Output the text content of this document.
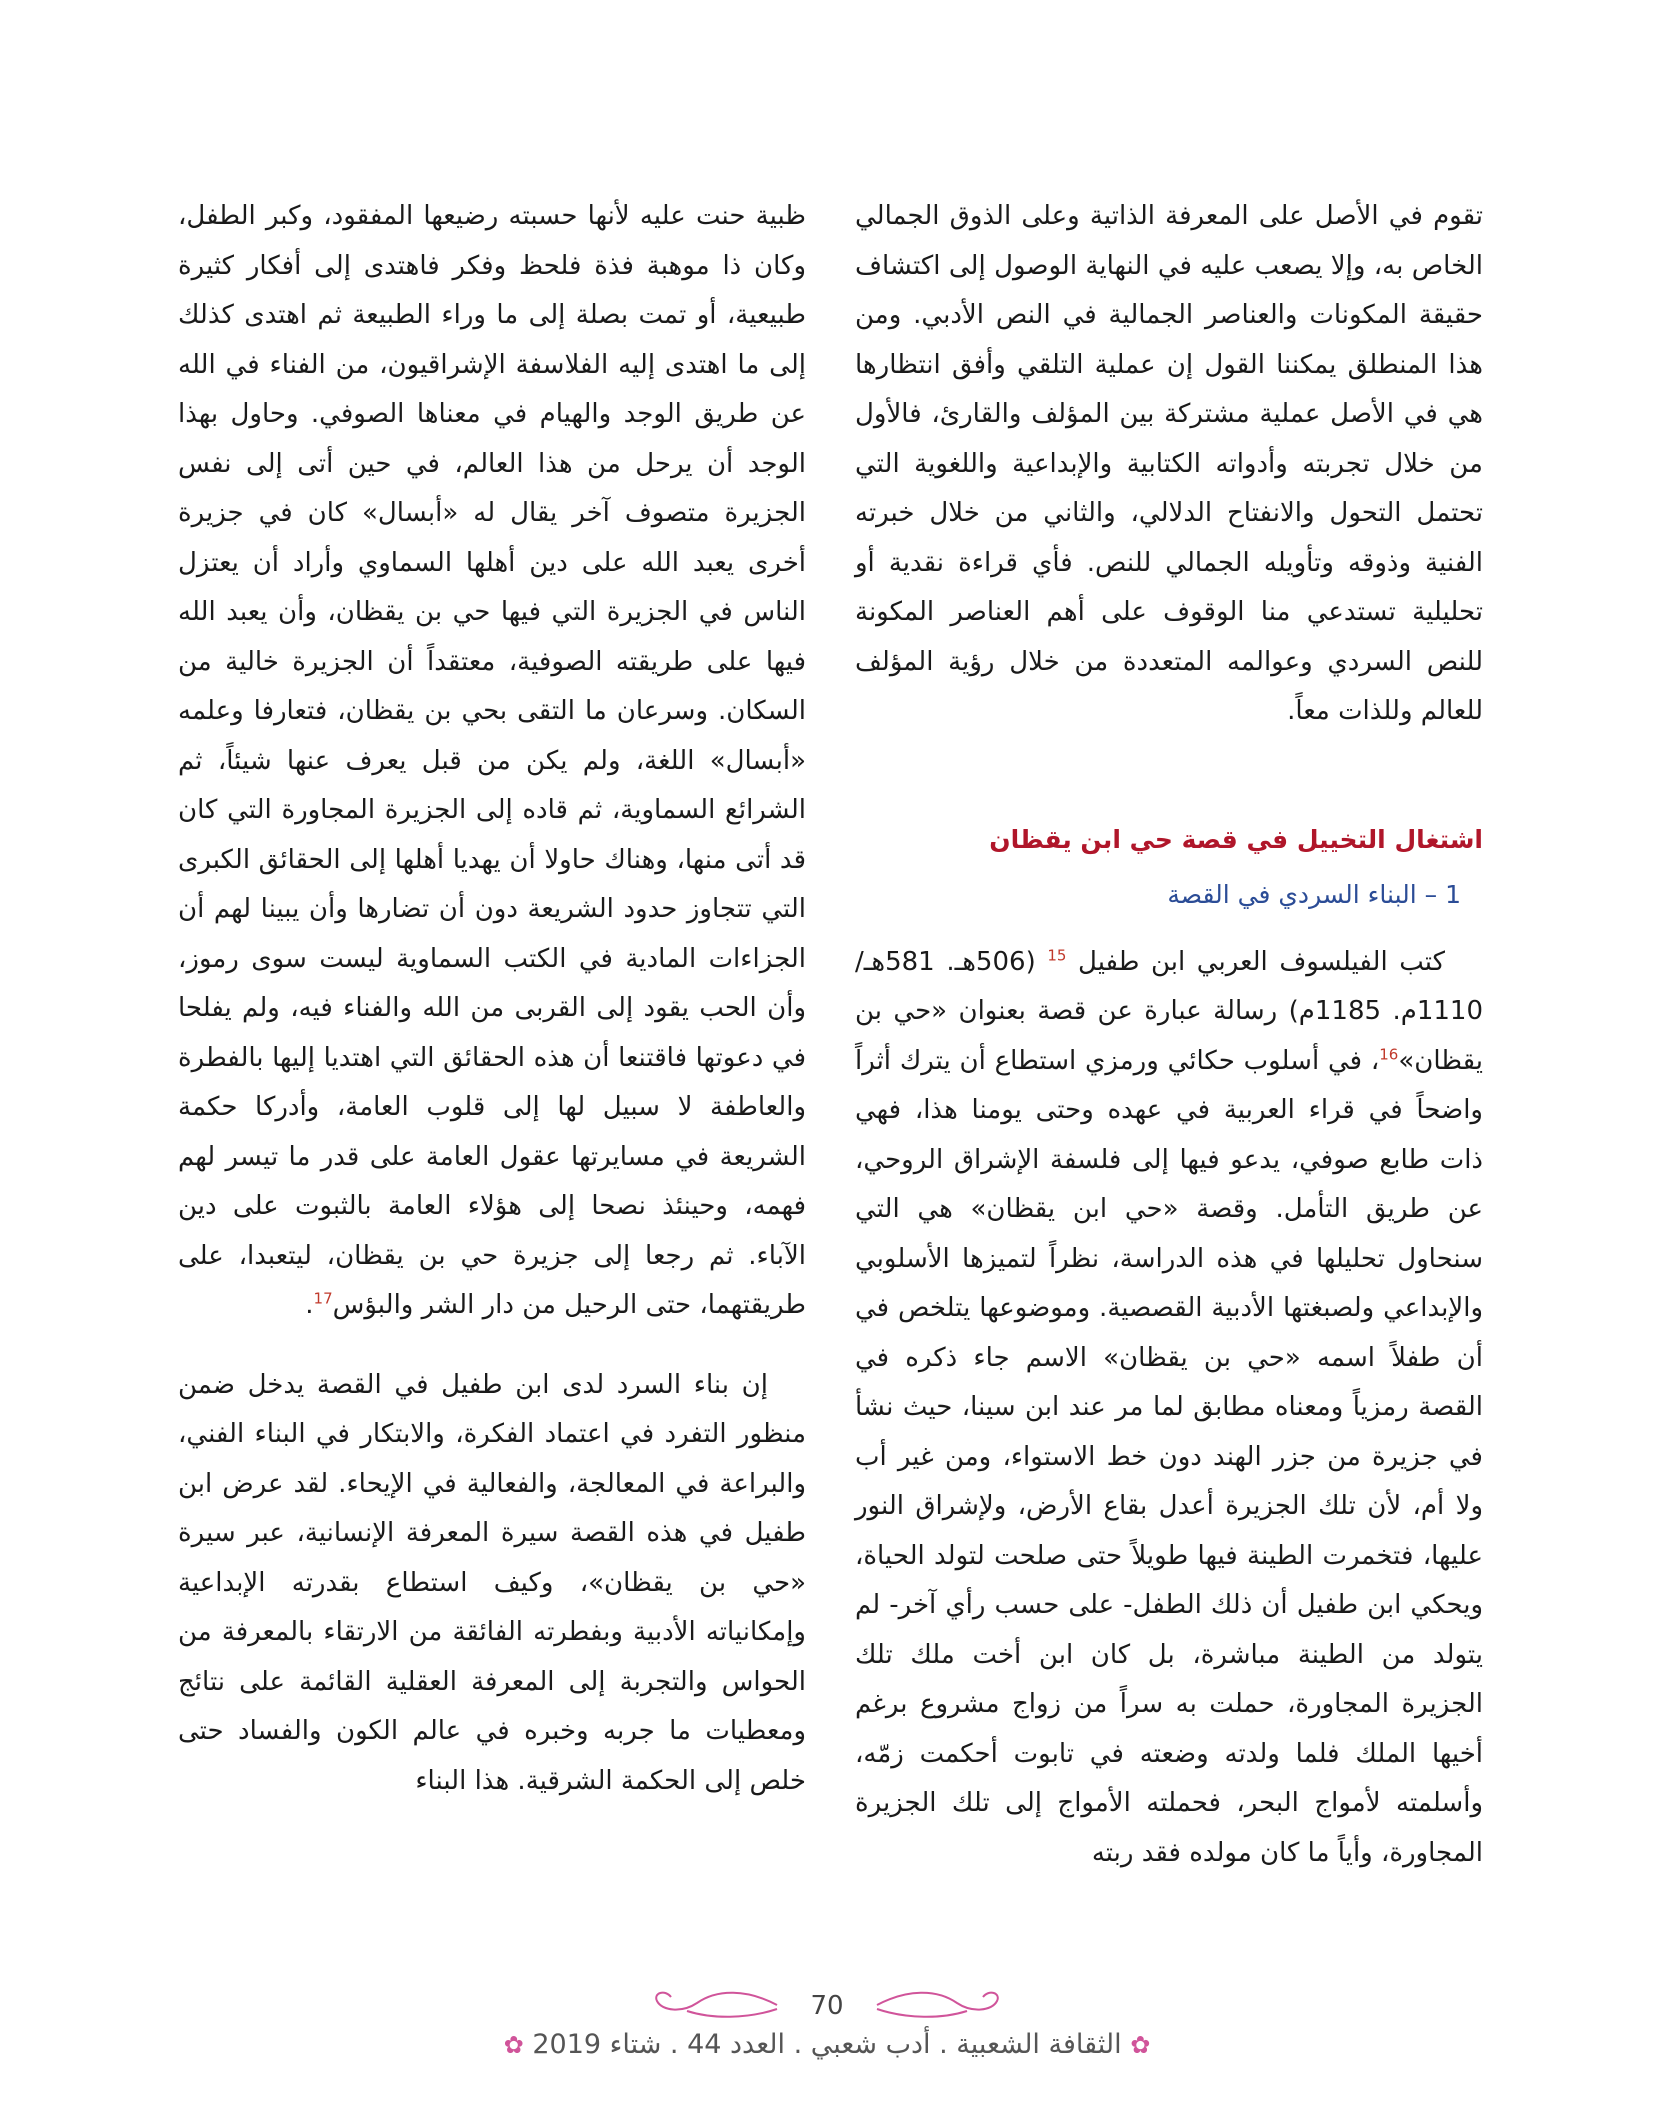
تقوم في الأصل على المعرفة الذاتية وعلى الذوق الجمالي الخاص به، وإلا يصعب عليه في النهاية الوصول إلى اكتشاف حقيقة المكونات والعناصر الجمالية في النص الأدبي. ومن هذا المنطلق يمكننا القول إن عملية التلقي وأفق انتظارها هي في الأصل عملية مشتركة بين المؤلف والقارئ، فالأول من خلال تجربته وأدواته الكتابية والإبداعية واللغوية التي تحتمل التحول والانفتاح الدلالي، والثاني من خلال خبرته الفنية وذوقه وتأويله الجمالي للنص. فأي قراءة نقدية أو تحليلية تستدعي منا الوقوف على أهم العناصر المكونة للنص السردي وعوالمه المتعددة من خلال رؤية المؤلف للعالم وللذات معاً.

اشتغال التخييل في قصة حي ابن يقظان

1 – البناء السردي في القصة

كتب الفيلسوف العربي ابن طفيل $^{15}$ (506هـ. 581هـ/ 1110م. 1185م) رسالة عبارة عن قصة بعنوان «حي بن يقظان»$^{16}$، في أسلوب حكائي ورمزي استطاع أن يترك أثراً واضحاً في قراء العربية في عهده وحتى يومنا هذا، فهي ذات طابع صوفي، يدعو فيها إلى فلسفة الإشراق الروحي، عن طريق التأمل. وقصة «حي ابن يقظان» هي التي سنحاول تحليلها في هذه الدراسة، نظراً لتميزها الأسلوبي والإبداعي ولصبغتها الأدبية القصصية. وموضوعها يتلخص في أن طفلاً اسمه «حي بن يقظان» الاسم جاء ذكره في القصة رمزياً ومعناه مطابق لما مر عند ابن سينا، حيث نشأ في جزيرة من جزر الهند دون خط الاستواء، ومن غير أب ولا أم، لأن تلك الجزيرة أعدل بقاع الأرض، ولإشراق النور عليها، فتخمرت الطينة فيها طويلاً حتى صلحت لتولد الحياة، ويحكي ابن طفيل أن ذلك الطفل- على حسب رأي آخر- لم يتولد من الطينة مباشرة، بل كان ابن أخت ملك تلك الجزيرة المجاورة، حملت به سراً من زواج مشروع برغم أخيها الملك فلما ولدته وضعته في تابوت أحكمت زمّه، وأسلمته لأمواج البحر، فحملته الأمواج إلى تلك الجزيرة المجاورة، وأياً ما كان مولده فقد ربته

ظبية حنت عليه لأنها حسبته رضيعها المفقود، وكبر الطفل، وكان ذا موهبة فذة فلحظ وفكر فاهتدى إلى أفكار كثيرة طبيعية، أو تمت بصلة إلى ما وراء الطبيعة ثم اهتدى كذلك إلى ما اهتدى إليه الفلاسفة الإشراقيون، من الفناء في الله عن طريق الوجد والهيام في معناها الصوفي. وحاول بهذا الوجد أن يرحل من هذا العالم، في حين أتى إلى نفس الجزيرة متصوف آخر يقال له «أبسال» كان في جزيرة أخرى يعبد الله على دين أهلها السماوي وأراد أن يعتزل الناس في الجزيرة التي فيها حي بن يقظان، وأن يعبد الله فيها على طريقته الصوفية، معتقداً أن الجزيرة خالية من السكان. وسرعان ما التقى بحي بن يقظان، فتعارفا وعلمه «أبسال» اللغة، ولم يكن من قبل يعرف عنها شيئاً، ثم الشرائع السماوية، ثم قاده إلى الجزيرة المجاورة التي كان قد أتى منها، وهناك حاولا أن يهديا أهلها إلى الحقائق الكبرى التي تتجاوز حدود الشريعة دون أن تضارها وأن يبينا لهم أن الجزاءات المادية في الكتب السماوية ليست سوى رموز، وأن الحب يقود إلى القربى من الله والفناء فيه، ولم يفلحا في دعوتها فاقتنعا أن هذه الحقائق التي اهتديا إليها بالفطرة والعاطفة لا سبيل لها إلى قلوب العامة، وأدركا حكمة الشريعة في مسايرتها عقول العامة على قدر ما تيسر لهم فهمه، وحينئذ نصحا إلى هؤلاء العامة بالثبوت على دين الآباء. ثم رجعا إلى جزيرة حي بن يقظان، ليتعبدا، على طريقتهما، حتى الرحيل من دار الشر والبؤس$^{17}$.

إن بناء السرد لدى ابن طفيل في القصة يدخل ضمن منظور التفرد في اعتماد الفكرة، والابتكار في البناء الفني، والبراعة في المعالجة، والفعالية في الإيحاء. لقد عرض ابن طفيل في هذه القصة سيرة المعرفة الإنسانية، عبر سيرة «حي بن يقظان»، وكيف استطاع بقدرته الإبداعية وإمكانياته الأدبية وبفطرته الفائقة من الارتقاء بالمعرفة من الحواس والتجربة إلى المعرفة العقلية القائمة على نتائج ومعطيات ما جربه وخبره في عالم الكون والفساد حتى خلص إلى الحكمة الشرقية. هذا البناء

70
✿ الثقافة الشعبية . أدب شعبي . العدد 44 . شتاء 2019 ✿
